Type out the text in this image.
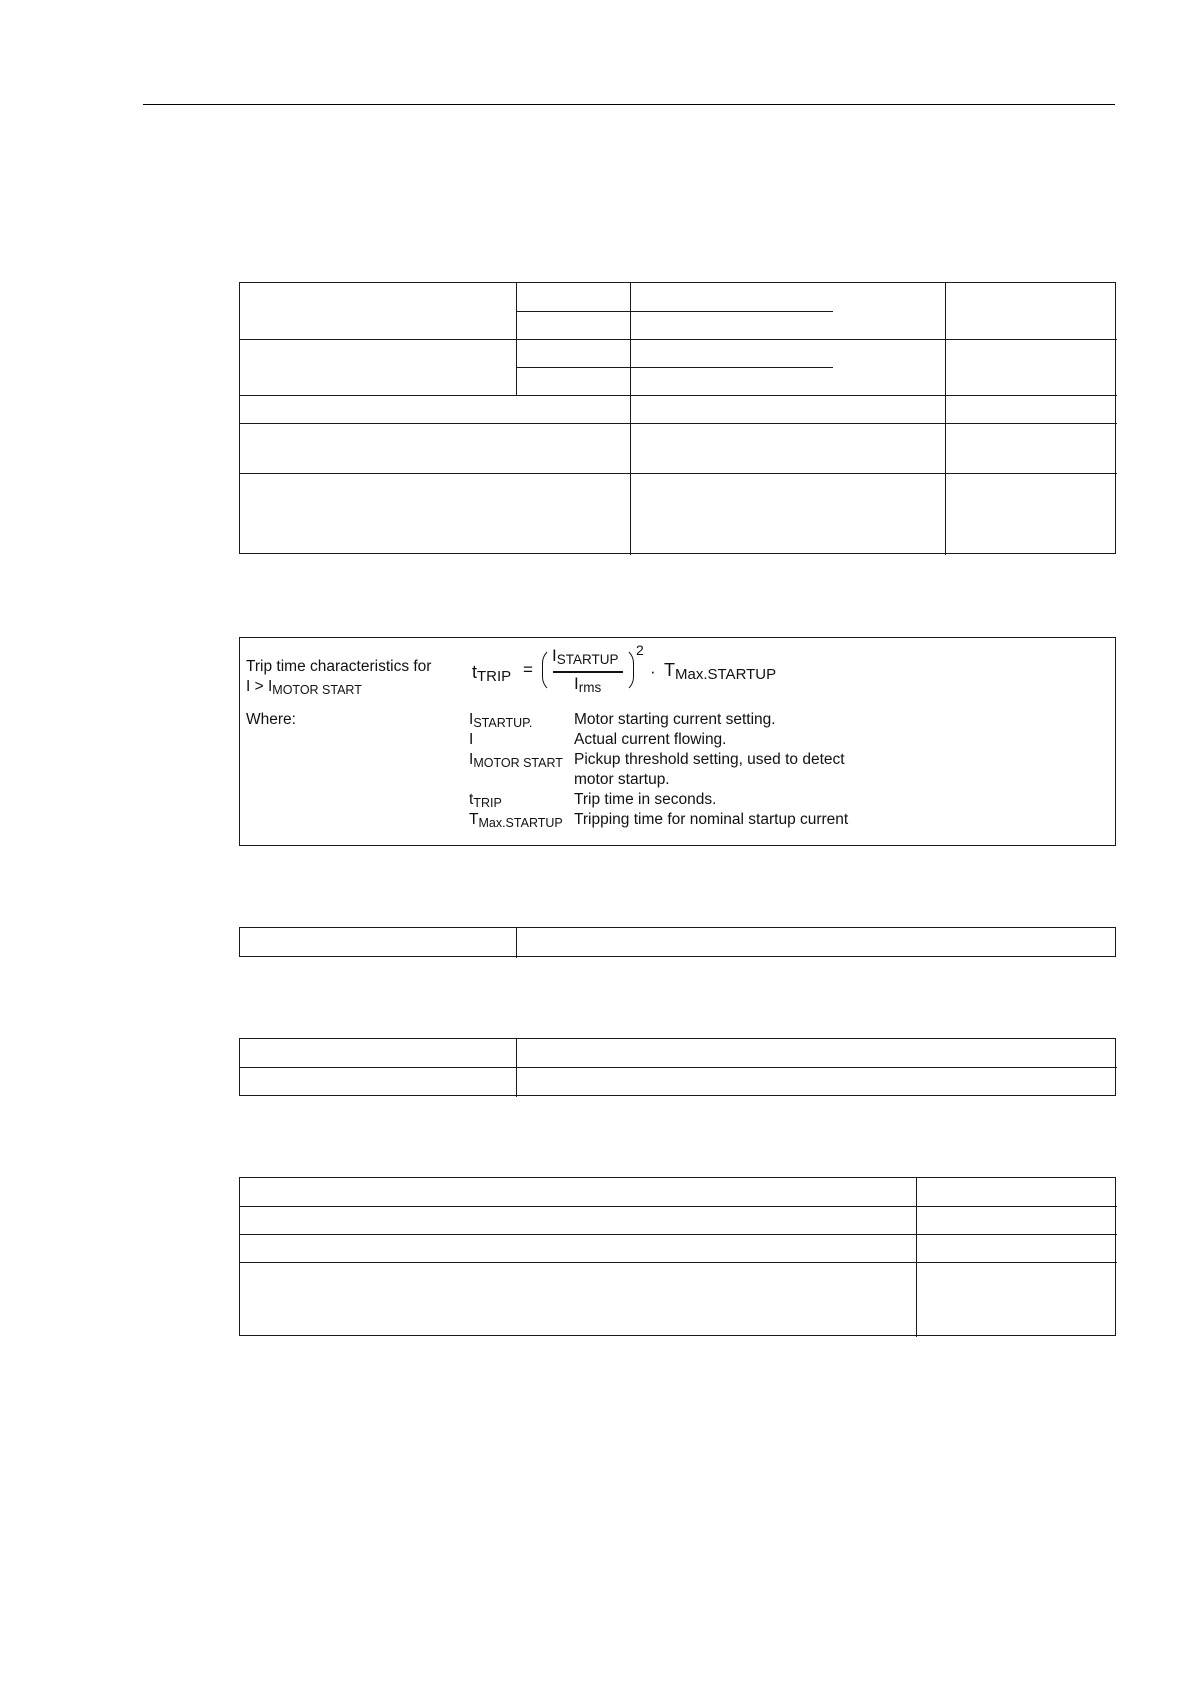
Trip time characteristics for
$I > I_{MOTOR START}$
$t_{TRIP}$ =
$I_{STARTUP}$
$I_{rms}$
2
· $T_{Max.STARTUP}$
Where:	$I_{STARTUP.}$	Motor starting current setting.
I	Actual current flowing.
$I_{MOTOR START}$ Pickup threshold setting, used to detect
motor startup.
$t_{TRIP}$	Trip time in seconds.
$T_{Max.STARTUP}$ Tripping time for nominal startup current
